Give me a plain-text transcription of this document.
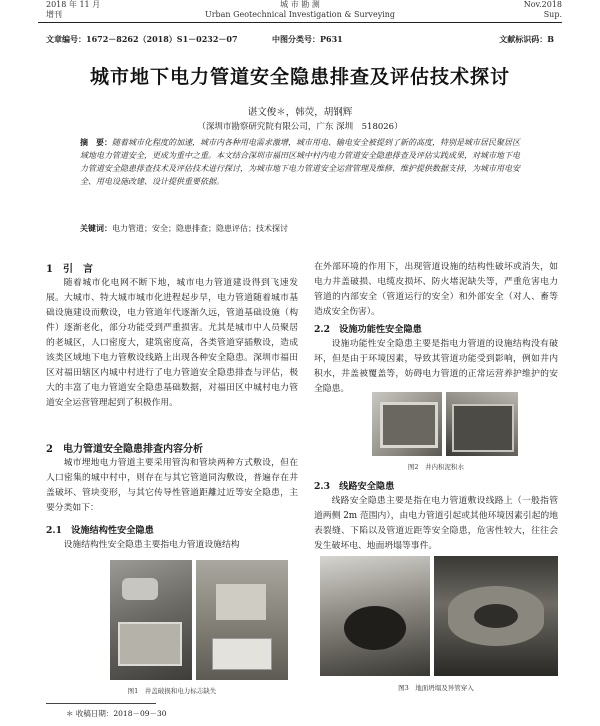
2018 年 11 月
增刊
城 市 勘 测
Urban Geotechnical Investigation & Surveying
Nov.2018
Sup.
文章编号：1672－8262（2018）S1－0232－07	中图分类号：P631	文献标识码：B
城市地下电力管道安全隐患排查及评估技术探讨
谌文俊＊，韩荧，胡钢辉
（深圳市勘察研究院有限公司，广东 深圳　518026）
摘　要：随着城市化程度的加速，城市内各种用电需求激增，城市用电、输电安全被提到了新的高度，特别是城市居民聚居区域地电力管道安全，更成为重中之重。本文结合深圳市福田区城中村内电力管道安全隐患排查及评估实践成果，对城市地下电力管道安全隐患排查技术及评估技术进行探讨，为城市地下电力管道安全运营管理及维修、维护提供数据支持，为城市用电安全、用电设施改建、设计提供重要依据。
关键词：电力管道；安全；隐患排查；隐患评估；技术探讨
1　引　言

随着城市化电网不断下地，城市电力管道建设得到飞速发展。大城市、特大城市城市化进程起步早，电力管道随着城市基础设施建设而敷设，电力管道年代逐渐久远，管道基础设施（构件）逐渐老化，部分功能受到严重损害。尤其是城市中人员聚居的老城区，人口密度大，建筑密度高，各类管道穿插敷设，造成该类区域地下电力管敷设线路上出现各种安全隐患。深圳市福田区对福田辖区内城中村进行了电力管道安全隐患排查与评估，极大的丰富了电力管道安全隐患基础数据，对福田区中城村电力管道安全运营管理起到了积极作用。

2　电力管道安全隐患排查内容分析

城市埋地电力管道主要采用管沟和管块两种方式敷设，但在人口密集的城中村中，则存在与其它管道同沟敷设，普遍存在井盖破坏、管块变形，与其它传导性管道距離过近等安全隐患，主要分类如下：

2.1　设施结构性安全隐患

设施结构性安全隐患主要指电力管道设施结构

图1　井盖破损和电力标志缺失

在外部环境的作用下，出现管道设施的结构性破坏或消失，如电力井盖破损、电缆皮损坏、防火堵泥缺失等，严重危害电力管道的内部安全（管道运行的安全）和外部安全（对人、畜等造成安全伤害）。

2.2　设施功能性安全隐患

设施功能性安全隐患主要是指电力管道的设施结构没有破坏，但是由于环境因素，导致其管道功能受到影响，例如井内积水，井盖被覆盖等，妨碍电力管道的正常运营养护维护的安全隐患。

图2　井内积泥积水
2.3　线路安全隐患

线路安全隐患主要是指在电力管道敷设线路上（一般指管道两侧 2m 范围内），由电力管道引起或其他环境因素引起的地表裂缝、下陷以及管道近距等安全隐患，危害性较大，往往会发生破坏电、地面坍塌等事件。

图3　地面坍塌及异管穿入
＊ 收稿日期：2018－09－30
